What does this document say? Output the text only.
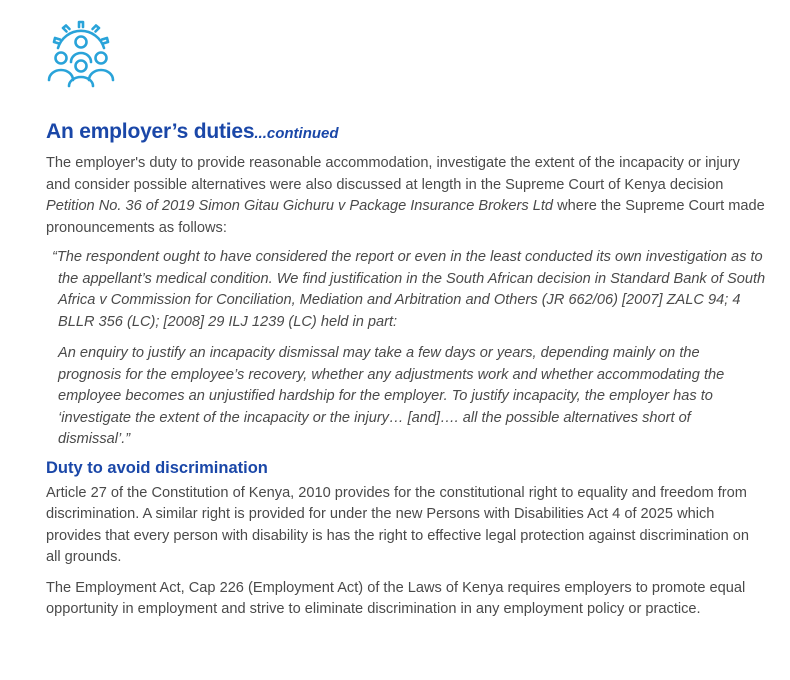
An employer’s duties...continued

The employer's duty to provide reasonable accommodation, investigate the extent of the incapacity or injury and consider possible alternatives were also discussed at length in the Supreme Court of Kenya decision Petition No. 36 of 2019 Simon Gitau Gichuru v Package Insurance Brokers Ltd where the Supreme Court made pronouncements as follows:

“The respondent ought to have considered the report or even in the least conducted its own investigation as to the appellant’s medical condition. We find justification in the South African decision in Standard Bank of South Africa v Commission for Conciliation, Mediation and Arbitration and Others (JR 662/06) [2007] ZALC 94; 4 BLLR 356 (LC); [2008] 29 ILJ 1239 (LC) held in part:

An enquiry to justify an incapacity dismissal may take a few days or years, depending mainly on the prognosis for the employee’s recovery, whether any adjustments work and whether accommodating the employee becomes an unjustified hardship for the employer. To justify incapacity, the employer has to ‘investigate the extent of the incapacity or the injury… [and]…. all the possible alternatives short of dismissal’.”

Duty to avoid discrimination

Article 27 of the Constitution of Kenya, 2010 provides for the constitutional right to equality and freedom from discrimination. A similar right is provided for under the new Persons with Disabilities Act 4 of 2025 which provides that every person with disability is has the right to effective legal protection against discrimination on all grounds.

The Employment Act, Cap 226 (Employment Act) of the Laws of Kenya requires employers to promote equal opportunity in employment and strive to eliminate discrimination in any employment policy or practice.
